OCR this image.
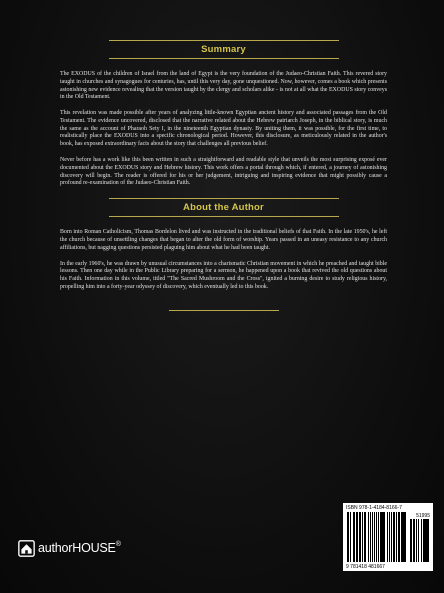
Summary

The EXODUS of the children of Israel from the land of Egypt is the very foundation of the Judaeo-Christian Faith. This revered story taught in churches and synagogues for centuries, has, until this very day, gone unquestioned. Now, however, comes a book which presents astonishing new evidence revealing that the version taught by the clergy and scholars alike - is not at all what the EXODUS story conveys in the Old Testament.

This revelation was made possible after years of analyzing little-known Egyptian ancient history and associated passages from the Old Testament. The evidence uncovered, disclosed that the narrative related about the Hebrew patriarch Joseph, in the biblical story, is much the same as the account of Pharaoh Sety I, in the nineteenth Egyptian dynasty. By uniting them, it was possible, for the first time, to realistically place the EXODUS into a specific chronological period. However, this disclosure, as meticulously related in the author's book, has exposed extraordinary facts about the story that challenges all previous belief.

Never before has a work like this been written in such a straightforward and readable style that unveils the most surprising exposé ever documented about the EXODUS story and Hebrew history. This work offers a portal through which, if entered, a journey of astonishing discovery will begin. The reader is offered for his or her judgement, intriguing and inspiring evidence that might possibly cause a profound re-examination of the Judaeo-Christian Faith.

About the Author

Born into Roman Catholicism, Thomas Bordelon lived and was instructed in the traditional beliefs of that Faith. In the late 1950's, he left the church because of unsettling changes that began to alter the old form of worship. Years passed in an uneasy resistance to any church affiliations, but nagging questions persisted plaguing him about what he had been taught.

In the early 1960's, he was drawn by unusual circumstances into a charismatic Christian movement in which he preached and taught bible lessons. Then one day while in the Public Library preparing for a sermon, he happened upon a book that revived the old questions about his Faith. Information in this volume, titled "The Sacred Mushroom and the Cross", ignited a burning desire to study religious history, propelling him into a forty-year odyssey of discovery, which eventually led to this book.

authorHOUSE®
ISBN 978-1-4184-8166-7
51995
9 781418 481667
